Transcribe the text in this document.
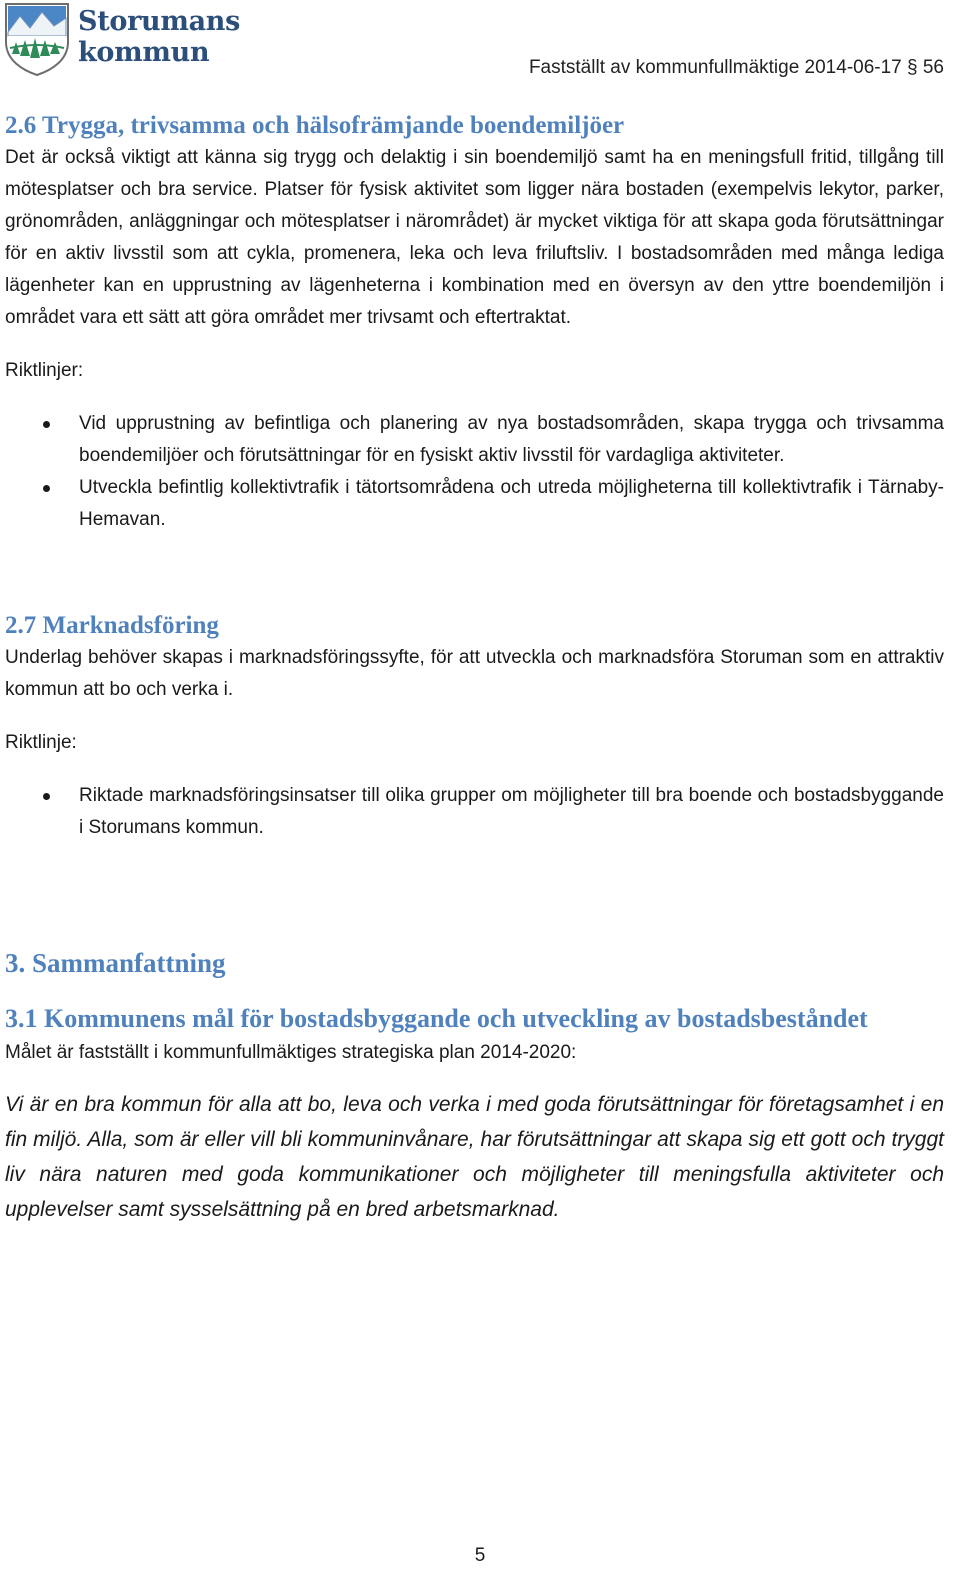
Storumans
kommun	Fastställt av kommunfullmäktige 2014-06-17 § 56
2.6 Trygga, trivsamma och hälsofrämjande boendemiljöer

Det är också viktigt att känna sig trygg och delaktig i sin boendemiljö samt ha en meningsfull fritid, tillgång till mötesplatser och bra service. Platser för fysisk aktivitet som ligger nära bostaden (exempelvis lekytor, parker, grönområden, anläggningar och mötesplatser i närområdet) är mycket viktiga för att skapa goda förutsättningar för en aktiv livsstil som att cykla, promenera, leka och leva friluftsliv. I bostadsområden med många lediga lägenheter kan en upprustning av lägenheterna i kombination med en översyn av den yttre boendemiljön i området vara ett sätt att göra området mer trivsamt och eftertraktat.

Riktlinjer:
Vid upprustning av befintliga och planering av nya bostadsområden, skapa trygga och trivsamma boendemiljöer och förutsättningar för en fysiskt aktiv livsstil för vardagliga aktiviteter.
Utveckla befintlig kollektivtrafik i tätortsområdena och utreda möjligheterna till kollektivtrafik i Tärnaby-Hemavan.
2.7 Marknadsföring

Underlag behöver skapas i marknadsföringssyfte, för att utveckla och marknadsföra Storuman som en attraktiv kommun att bo och verka i.

Riktlinje:
Riktade marknadsföringsinsatser till olika grupper om möjligheter till bra boende och bostadsbyggande i Storumans kommun.
3. Sammanfattning
3.1 Kommunens mål för bostadsbyggande och utveckling av bostadsbeståndet

Målet är fastställt i kommunfullmäktiges strategiska plan 2014-2020:

Vi är en bra kommun för alla att bo, leva och verka i med goda förutsättningar för företagsamhet i en fin miljö. Alla, som är eller vill bli kommuninvånare, har förutsättningar att skapa sig ett gott och tryggt liv nära naturen med goda kommunikationer och möjligheter till meningsfulla aktiviteter och upplevelser samt sysselsättning på en bred arbetsmarknad.

5
